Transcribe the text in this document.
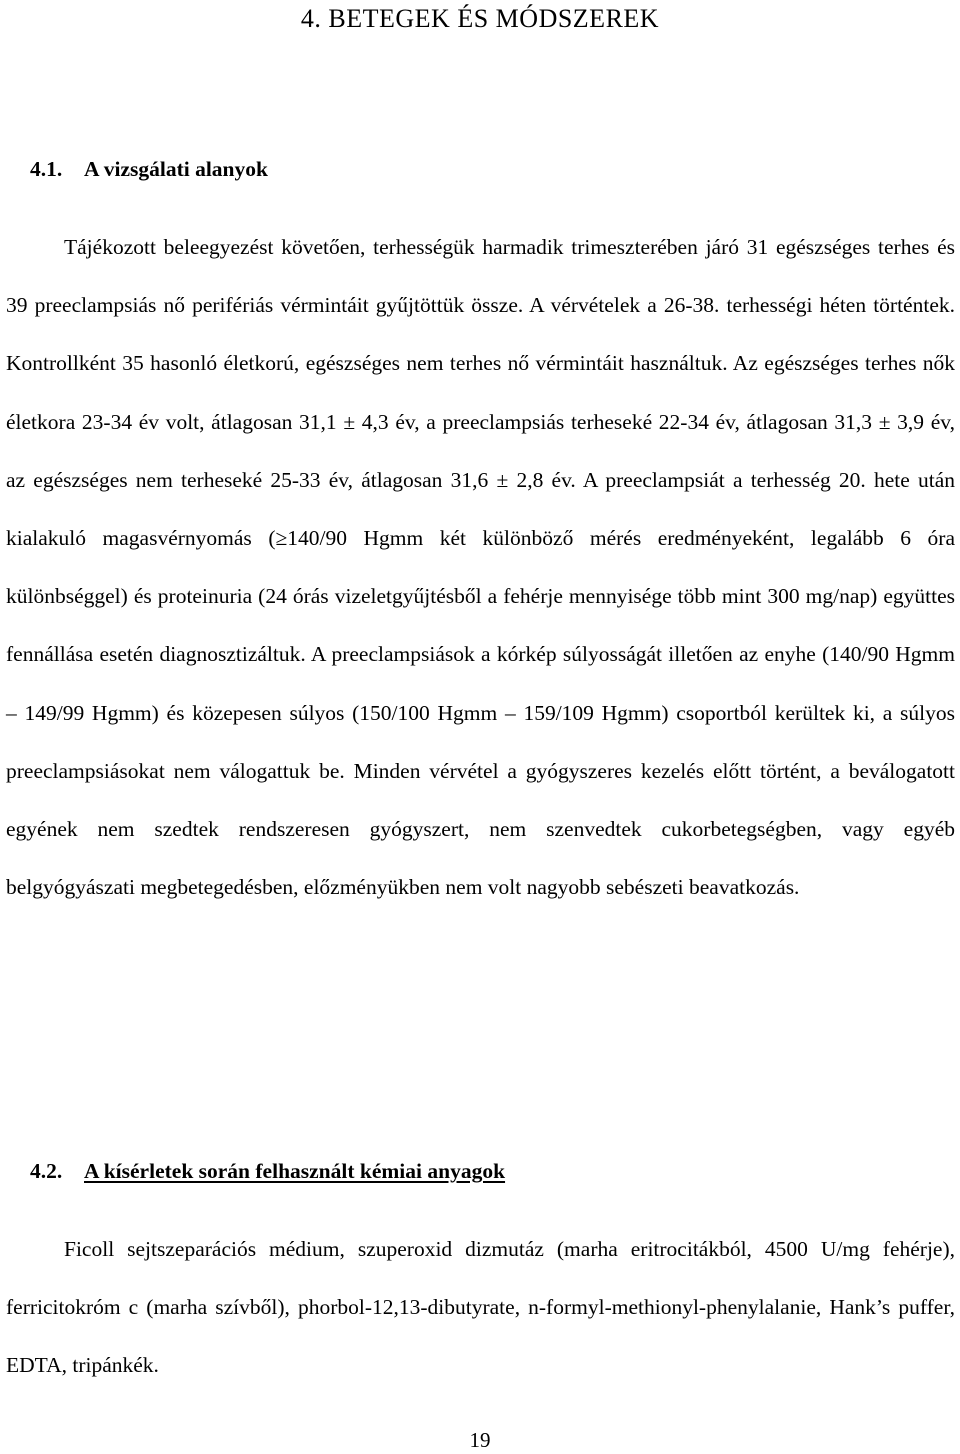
4. BETEGEK ÉS MÓDSZEREK
4.1. A vizsgálati alanyok

Tájékozott beleegyezést követően, terhességük harmadik trimeszterében járó 31 egészséges terhes és 39 preeclampsiás nő perifériás vérmintáit gyűjtöttük össze. A vérvételek a 26-38. terhességi héten történtek. Kontrollként 35 hasonló életkorú, egészséges nem terhes nő vérmintáit használtuk. Az egészséges terhes nők életkora 23-34 év volt, átlagosan 31,1 ± 4,3 év, a preeclampsiás terheseké 22-34 év, átlagosan 31,3 ± 3,9 év, az egészséges nem terheseké 25-33 év, átlagosan 31,6 ± 2,8 év. A preeclampsiát a terhesség 20. hete után kialakuló magasvérnyomás (≥140/90 Hgmm két különböző mérés eredményeként, legalább 6 óra különbséggel) és proteinuria (24 órás vizeletgyűjtésből a fehérje mennyisége több mint 300 mg/nap) együttes fennállása esetén diagnosztizáltuk. A preeclampsiások a kórkép súlyosságát illetően az enyhe (140/90 Hgmm – 149/99 Hgmm) és közepesen súlyos (150/100 Hgmm – 159/109 Hgmm) csoportból kerültek ki, a súlyos preeclampsiásokat nem válogattuk be. Minden vérvétel a gyógyszeres kezelés előtt történt, a beválogatott egyének nem szedtek rendszeresen gyógyszert, nem szenvedtek cukorbetegségben, vagy egyéb belgyógyászati megbetegedésben, előzményükben nem volt nagyobb sebészeti beavatkozás.

4.2. A kísérletek során felhasznált kémiai anyagok

Ficoll sejtszeparációs médium, szuperoxid dizmutáz (marha eritrocitákból, 4500 U/mg fehérje), ferricitokróm c (marha szívből), phorbol-12,13-dibutyrate, n-formyl-methionyl-phenylalanie, Hank’s puffer, EDTA, tripánkék.

19
